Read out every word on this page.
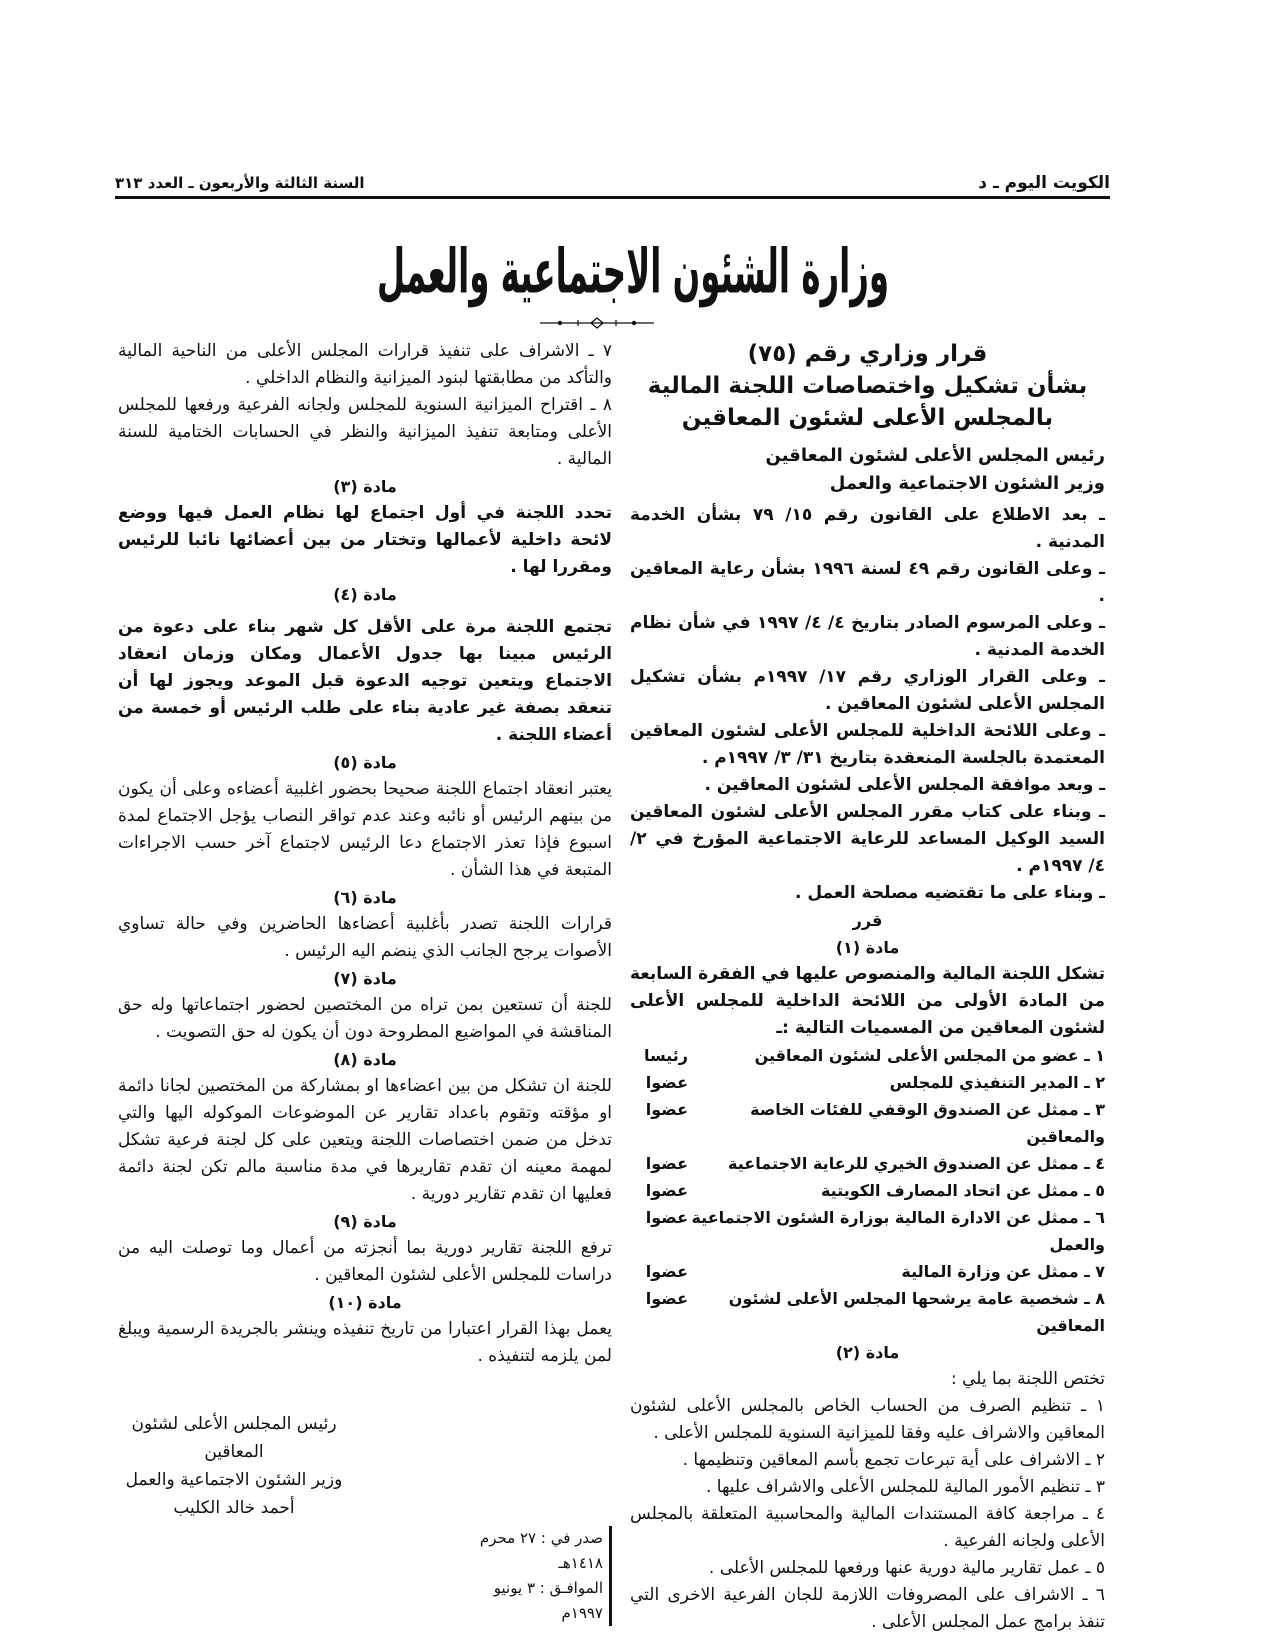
الكويت اليوم ـ د
السنة الثالثة والأربعون ـ العدد ٣١٣
وزارة الشئون الاجتماعية والعمل
قرار وزاري رقم (٧٥)
بشأن تشكيل واختصاصات اللجنة المالية
بالمجلس الأعلى لشئون المعاقين
رئيس المجلس الأعلى لشئون المعاقين
وزير الشئون الاجتماعية والعمل

ـ بعد الاطلاع على القانون رقم ١٥/ ٧٩ بشأن الخدمة المدنية .

ـ وعلى القانون رقم ٤٩ لسنة ١٩٩٦ بشأن رعاية المعاقين .

ـ وعلى المرسوم الصادر بتاريخ ٤/ ٤/ ١٩٩٧ في شأن نظام الخدمة المدنية .

ـ وعلى القرار الوزاري رقم ١٧/ ١٩٩٧م بشأن تشكيل المجلس الأعلى لشئون المعاقين .

ـ وعلى اللائحة الداخلية للمجلس الأعلى لشئون المعاقين المعتمدة بالجلسة المنعقدة بتاريخ ٣١/ ٣/ ١٩٩٧م .

ـ وبعد موافقة المجلس الأعلى لشئون المعاقين .

ـ وبناء على كتاب مقرر المجلس الأعلى لشئون المعاقين السيد الوكيل المساعد للرعاية الاجتماعية المؤرخ في ٢/ ٤/ ١٩٩٧م .

ـ وبناء على ما تقتضيه مصلحة العمل .

قرر
مادة (١)

تشكل اللجنة المالية والمنصوص عليها في الفقرة السابعة من المادة الأولى من اللائحة الداخلية للمجلس الأعلى لشئون المعاقين من المسميات التالية :ـ

١ ـ عضو من المجلس الأعلى لشئون المعاقين
رئيسا
٢ ـ المدير التنفيذي للمجلس
عضوا
٣ ـ ممثل عن الصندوق الوقفي للفئات الخاصة والمعاقين
عضوا
٤ ـ ممثل عن الصندوق الخيري للرعاية الاجتماعية
عضوا
٥ ـ ممثل عن اتحاد المصارف الكويتية
عضوا
٦ ـ ممثل عن الادارة المالية بوزارة الشئون الاجتماعية والعمل
عضوا
٧ ـ ممثل عن وزارة المالية
عضوا
٨ ـ شخصية عامة يرشحها المجلس الأعلى لشئون المعاقين
عضوا
مادة (٢)

تختص اللجنة بما يلي :

١ ـ تنظيم الصرف من الحساب الخاص بالمجلس الأعلى لشئون المعاقين والاشراف عليه وفقا للميزانية السنوية للمجلس الأعلى .

٢ ـ الاشراف على أية تبرعات تجمع بأسم المعاقين وتنظيمها .

٣ ـ تنظيم الأمور المالية للمجلس الأعلى والاشراف عليها .

٤ ـ مراجعة كافة المستندات المالية والمحاسبية المتعلقة بالمجلس الأعلى ولجانه الفرعية .

٥ ـ عمل تقارير مالية دورية عنها ورفعها للمجلس الأعلى .

٦ ـ الاشراف على المصروفات اللازمة للجان الفرعية الاخرى التي تنفذ برامج عمل المجلس الأعلى .

٧ ـ الاشراف على تنفيذ قرارات المجلس الأعلى من الناحية المالية والتأكد من مطابقتها لبنود الميزانية والنظام الداخلي .

٨ ـ اقتراح الميزانية السنوية للمجلس ولجانه الفرعية ورفعها للمجلس الأعلى ومتابعة تنفيذ الميزانية والنظر في الحسابات الختامية للسنة المالية .

مادة (٣)

تحدد اللجنة في أول اجتماع لها نظام العمل فيها ووضع لائحة داخلية لأعمالها وتختار من بين أعضائها نائبا للرئيس ومقررا لها .

مادة (٤)

تجتمع اللجنة مرة على الأقل كل شهر بناء على دعوة من الرئيس مبينا بها جدول الأعمال ومكان وزمان انعقاد الاجتماع ويتعين توجيه الدعوة قبل الموعد ويجوز لها أن تنعقد بصفة غير عادية بناء على طلب الرئيس أو خمسة من أعضاء اللجنة .

مادة (٥)

يعتبر انعقاد اجتماع اللجنة صحيحا بحضور اغلبية أعضاءه وعلى أن يكون من بينهم الرئيس أو نائبه وعند عدم تواقر النصاب يؤجل الاجتماع لمدة اسبوع فإذا تعذر الاجتماع دعا الرئيس لاجتماع آخر حسب الاجراءات المتبعة في هذا الشأن .

مادة (٦)

قرارات اللجنة تصدر بأغلبية أعضاءها الحاضرين وفي حالة تساوي الأصوات يرجح الجانب الذي ينضم اليه الرئيس .

مادة (٧)

للجنة أن تستعين بمن تراه من المختصين لحضور اجتماعاتها وله حق المناقشة في المواضيع المطروحة دون أن يكون له حق التصويت .

مادة (٨)

للجنة ان تشكل من بين اعضاءها او بمشاركة من المختصين لجانا دائمة او مؤقته وتقوم باعداد تقارير عن الموضوعات الموكوله اليها والتي تدخل من ضمن اختصاصات اللجنة ويتعين على كل لجنة فرعية تشكل لمهمة معينه ان تقدم تقاريرها في مدة مناسبة مالم تكن لجنة دائمة فعليها ان تقدم تقارير دورية .

مادة (٩)

ترفع اللجنة تقارير دورية بما أنجزته من أعمال وما توصلت اليه من دراسات للمجلس الأعلى لشئون المعاقين .

مادة (١٠)

يعمل بهذا القرار اعتبارا من تاريخ تنفيذه وينشر بالجريدة الرسمية ويبلغ لمن يلزمه لتنفيذه .

رئيس المجلس الأعلى لشئون المعاقين
وزير الشئون الاجتماعية والعمل
أحمد خالد الكليب
صدر في : ٢٧ محرم ١٤١٨هـ
الموافـق : ٣ يونيو ١٩٩٧م
